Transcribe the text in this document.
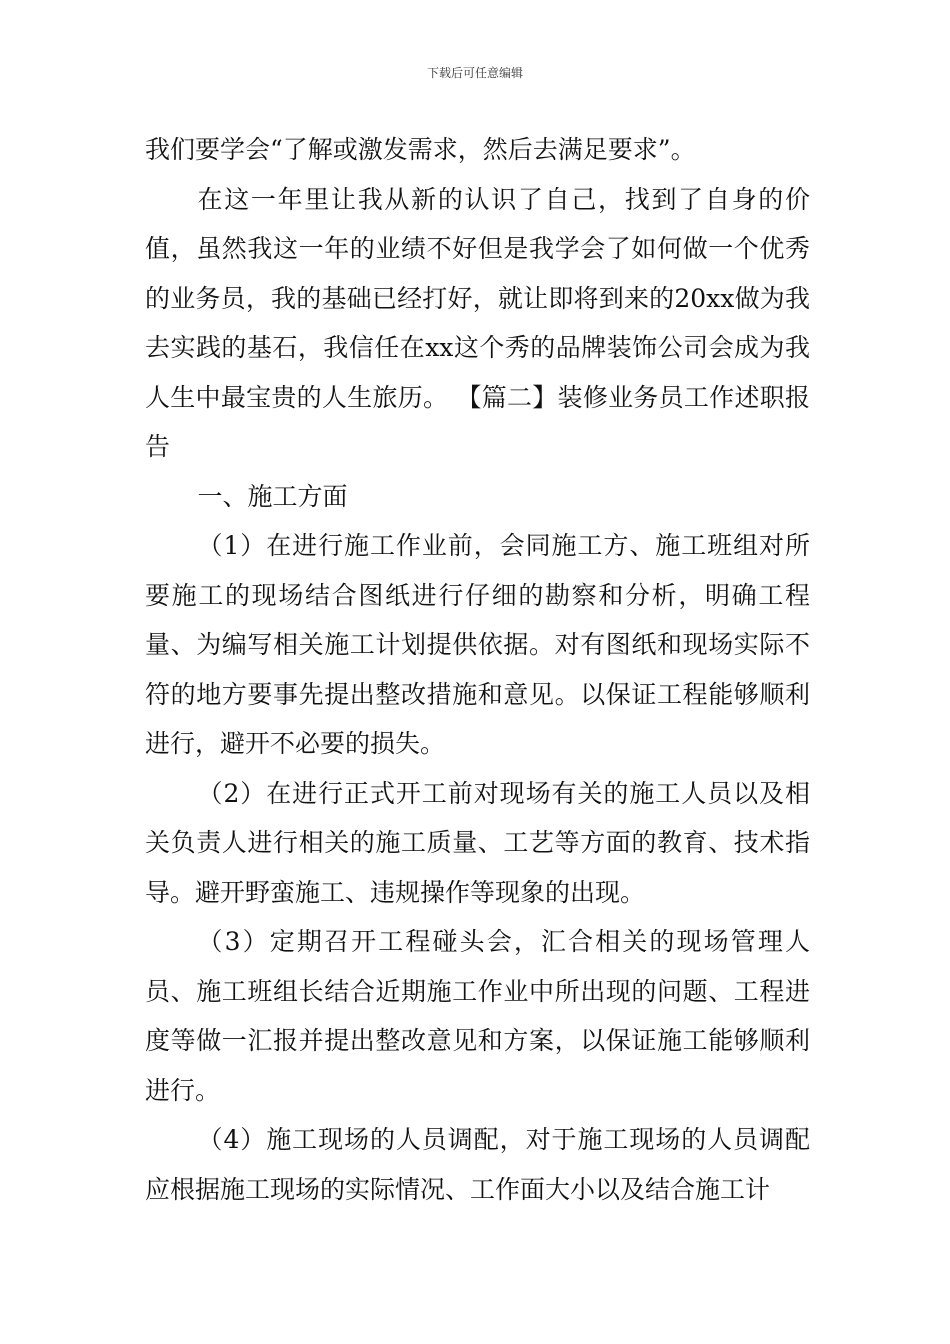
下载后可任意编辑

我们要学会“了解或激发需求，然后去满足要求”。

在这一年里让我从新的认识了自己，找到了自身的价值，虽然我这一年的业绩不好但是我学会了如何做一个优秀的业务员，我的基础已经打好，就让即将到来的20xx做为我去实践的基石，我信任在xx这个秀的品牌装饰公司会成为我人生中最宝贵的人生旅历。 【篇二】装修业务员工作述职报告

一、施工方面

（1）在进行施工作业前，会同施工方、施工班组对所要施工的现场结合图纸进行仔细的勘察和分析，明确工程量、为编写相关施工计划提供依据。对有图纸和现场实际不符的地方要事先提出整改措施和意见。以保证工程能够顺利进行，避开不必要的损失。

（2）在进行正式开工前对现场有关的施工人员以及相关负责人进行相关的施工质量、工艺等方面的教育、技术指导。避开野蛮施工、违规操作等现象的出现。

（3）定期召开工程碰头会，汇合相关的现场管理人员、施工班组长结合近期施工作业中所出现的问题、工程进度等做一汇报并提出整改意见和方案，以保证施工能够顺利进行。

（4）施工现场的人员调配，对于施工现场的人员调配应根据施工现场的实际情况、工作面大小以及结合施工计
